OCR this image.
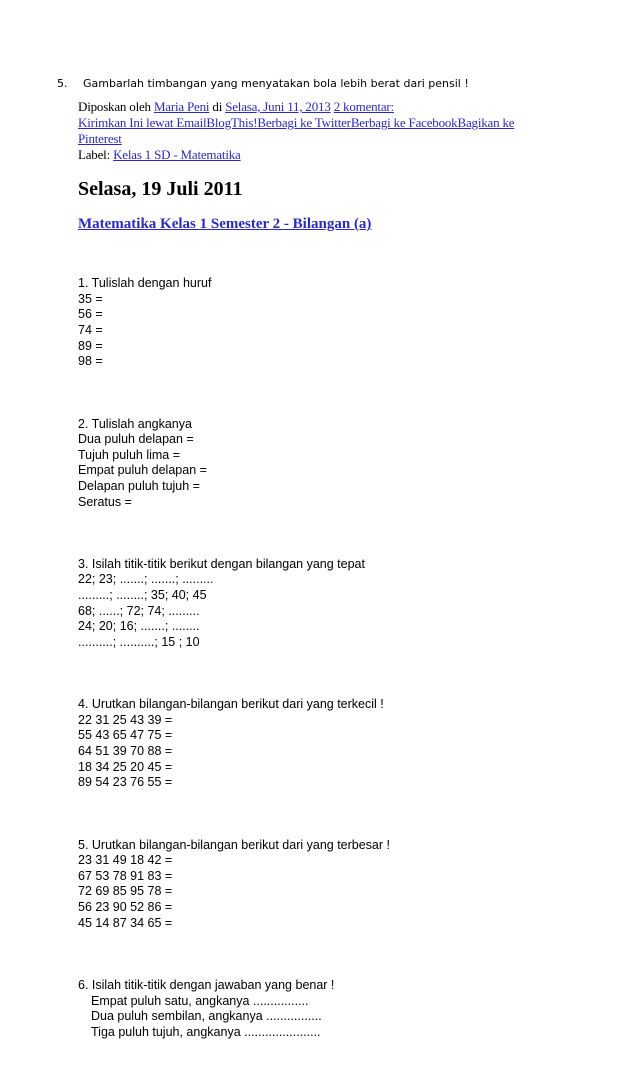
5. Gambarlah timbangan yang menyatakan bola lebih berat dari pensil !
Diposkan oleh Maria Peni di Selasa, Juni 11, 2013 2 komentar:
Kirimkan Ini lewat EmailBlogThis!Berbagi ke TwitterBerbagi ke FacebookBagikan ke Pinterest
Label: Kelas 1 SD - Matematika
Selasa, 19 Juli 2011
Matematika Kelas 1 Semester 2 - Bilangan (a)

1. Tulislah dengan huruf
35 =
56 =
74 =
89 =
98 =

2. Tulislah angkanya
Dua puluh delapan =
Tujuh puluh lima =
Empat puluh delapan =
Delapan puluh tujuh =
Seratus =

3. Isilah titik-titik berikut dengan bilangan yang tepat
22; 23; .......; .......; .........
.........; ........; 35; 40; 45
68; ......; 72; 74; .........
24; 20; 16; .......; ........
..........; ..........; 15 ; 10

4. Urutkan bilangan-bilangan berikut dari yang terkecil !
22 31 25 43 39 =
55 43 65 47 75 =
64 51 39 70 88 =
18 34 25 20 45 =
89 54 23 76 55 =

5. Urutkan bilangan-bilangan berikut dari yang terbesar !
23 31 49 18 42 =
67 53 78 91 83 =
72 69 85 95 78 =
56 23 90 52 86 =
45 14 87 34 65 =

6. Isilah titik-titik dengan jawaban yang benar !
Empat puluh satu, angkanya ................
Dua puluh sembilan, angkanya ................
Tiga puluh tujuh, angkanya ......................
